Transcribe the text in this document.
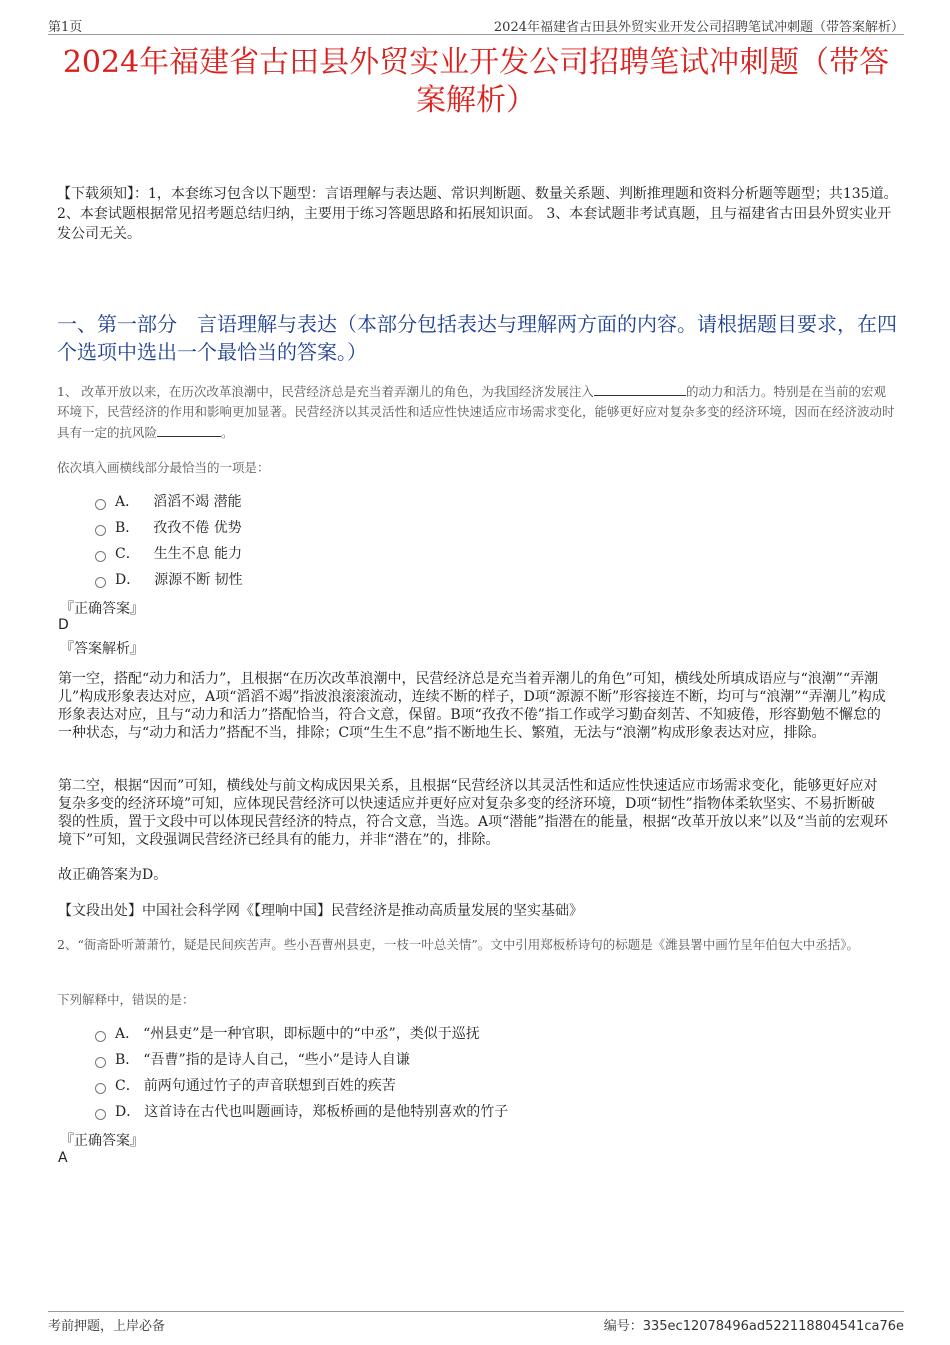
第1页	2024年福建省古田县外贸实业开发公司招聘笔试冲刺题（带答案解析）
2024年福建省古田县外贸实业开发公司招聘笔试冲刺题（带答案解析）

【下载须知】：1，本套练习包含以下题型：言语理解与表达题、常识判断题、数量关系题、判断推理题和资料分析题等题型；共135道。 2、本套试题根据常见招考题总结归纳，主要用于练习答题思路和拓展知识面。 3、本套试题非考试真题，且与福建省古田县外贸实业开发公司无关。

一、第一部分　言语理解与表达（本部分包括表达与理解两方面的内容。请根据题目要求，在四个选项中选出一个最恰当的答案。）

1、 改革开放以来，在历次改革浪潮中，民营经济总是充当着弄潮儿的角色，为我国经济发展注入	的动力和活力。特别是在当前的宏观环境下，民营经济的作用和影响更加显著。民营经济以其灵活性和适应性快速适应市场需求变化，能够更好应对复杂多变的经济环境，因而在经济波动时具有一定的抗风险	。

依次填入画横线部分最恰当的一项是：

A． 滔滔不竭 潜能
B． 孜孜不倦 优势
C． 生生不息 能力
D． 源源不断 韧性

『正确答案』

D

『答案解析』

第一空，搭配“动力和活力”，且根据“在历次改革浪潮中，民营经济总是充当着弄潮儿的角色”可知，横线处所填成语应与“浪潮”“弄潮儿”构成形象表达对应，A项“滔滔不竭”指波浪滚滚流动，连续不断的样子，D项“源源不断”形容接连不断，均可与“浪潮”“弄潮儿”构成形象表达对应，且与“动力和活力”搭配恰当，符合文意，保留。B项“孜孜不倦”指工作或学习勤奋刻苦、不知疲倦，形容勤勉不懈怠的一种状态，与“动力和活力”搭配不当，排除；C项“生生不息”指不断地生长、繁殖，无法与“浪潮”构成形象表达对应，排除。

第二空，根据“因而”可知，横线处与前文构成因果关系，且根据“民营经济以其灵活性和适应性快速适应市场需求变化，能够更好应对复杂多变的经济环境”可知，应体现民营经济可以快速适应并更好应对复杂多变的经济环境，D项“韧性”指物体柔软坚实、不易折断破裂的性质，置于文段中可以体现民营经济的特点，符合文意，当选。A项“潜能”指潜在的能量，根据“改革开放以来”以及“当前的宏观环境下”可知，文段强调民营经济已经具有的能力，并非“潜在”的，排除。

故正确答案为D。

【文段出处】中国社会科学网《【理响中国】民营经济是推动高质量发展的坚实基础》

2、“衙斋卧听萧萧竹，疑是民间疾苦声。些小吾曹州县吏，一枝一叶总关情”。文中引用郑板桥诗句的标题是《潍县署中画竹呈年伯包大中丞括》。

下列解释中，错误的是：

A． “州县吏”是一种官职，即标题中的“中丞”，类似于巡抚
B． “吾曹”指的是诗人自己，“些小”是诗人自谦
C． 前两句通过竹子的声音联想到百姓的疾苦
D． 这首诗在古代也叫题画诗，郑板桥画的是他特别喜欢的竹子

『正确答案』

A

考前押题，上岸必备	编号：335ec12078496ad522118804541ca76e
